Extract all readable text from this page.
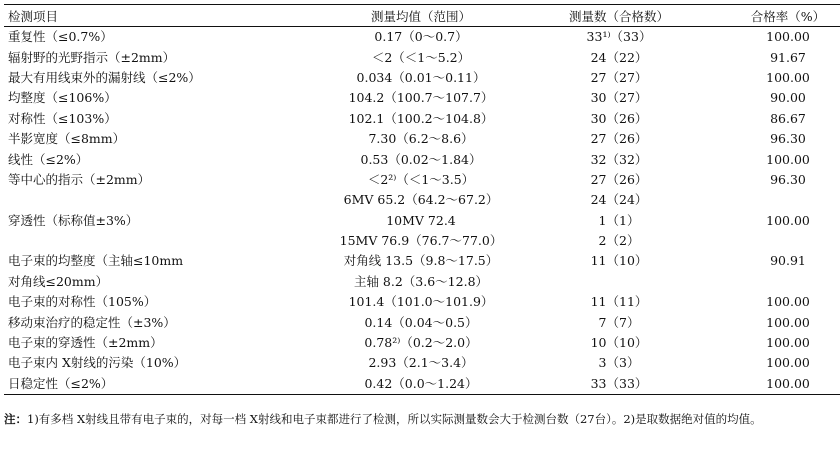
检测项目	测量均值（范围）	测量数（合格数）	合格率（%）
重复性（≤0.7%）	0.17（0～0.7）	33¹⁾（33）	100.00
辐射野的光野指示（±2mm）	＜2（＜1～5.2）	24（22）	91.67
最大有用线束外的漏射线（≤2%）	0.034（0.01～0.11）	27（27）	100.00
均整度（≤106%）	104.2（100.7～107.7）	30（27）	90.00
对称性（≤103%）	102.1（100.2～104.8）	30（26）	86.67
半影宽度（≤8mm）	7.30（6.2～8.6）	27（26）	96.30
线性（≤2%）	0.53（0.02～1.84）	32（32）	100.00
等中心的指示（±2mm）	＜2²⁾（＜1～3.5）	27（26）	96.30
	6MV 65.2（64.2～67.2）	24（24）	
穿透性（标称值±3%）	10MV 72.4	1（1）	100.00
	15MV 76.9（76.7～77.0）	2（2）	
电子束的均整度（主轴≤10mm	对角线 13.5（9.8～17.5）	11（10）	90.91
对角线≤20mm）	主轴 8.2（3.6～12.8）		
电子束的对称性（105%）	101.4（101.0～101.9）	11（11）	100.00
移动束治疗的稳定性（±3%）	0.14（0.04～0.5）	7（7）	100.00
电子束的穿透性（±2mm）	0.78²⁾（0.2～2.0）	10（10）	100.00
电子束内 X射线的污染（10%）	2.93（2.1～3.4）	3（3）	100.00
日稳定性（≤2%）	0.42（0.0～1.24）	33（33）	100.00
注：1)有多档 X射线且带有电子束的，对每一档 X射线和电子束都进行了检测，所以实际测量数会大于检测台数（27台）。2)是取数据绝对值的均值。
